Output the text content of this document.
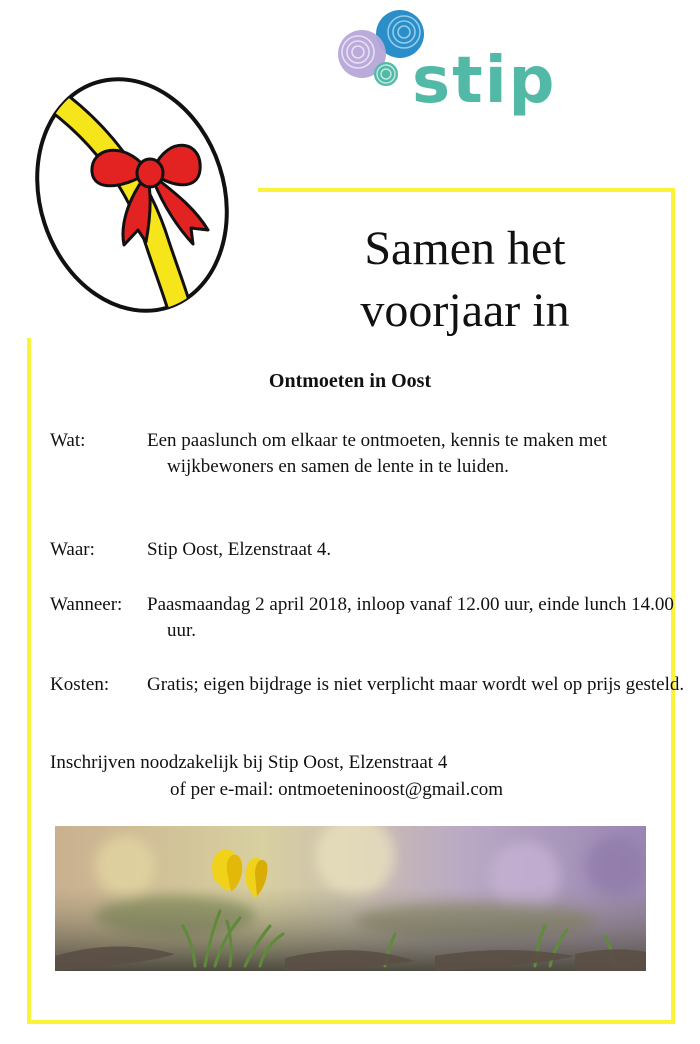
stip
Samen het
voorjaar in
Ontmoeten in Oost
Wat:	Een paaslunch om elkaar te ontmoeten, kennis te maken met wijkbewoners en samen de lente in te luiden.
Waar:	Stip Oost, Elzenstraat 4.
Wanneer: Paasmaandag 2 april 2018, inloop vanaf 12.00 uur, einde lunch 14.00 uur.
Kosten: Gratis; eigen bijdrage is niet verplicht maar wordt wel op prijs gesteld.
Inschrijven noodzakelijk bij Stip Oost, Elzenstraat 4
of per e-mail: ontmoeteninoost@gmail.com
